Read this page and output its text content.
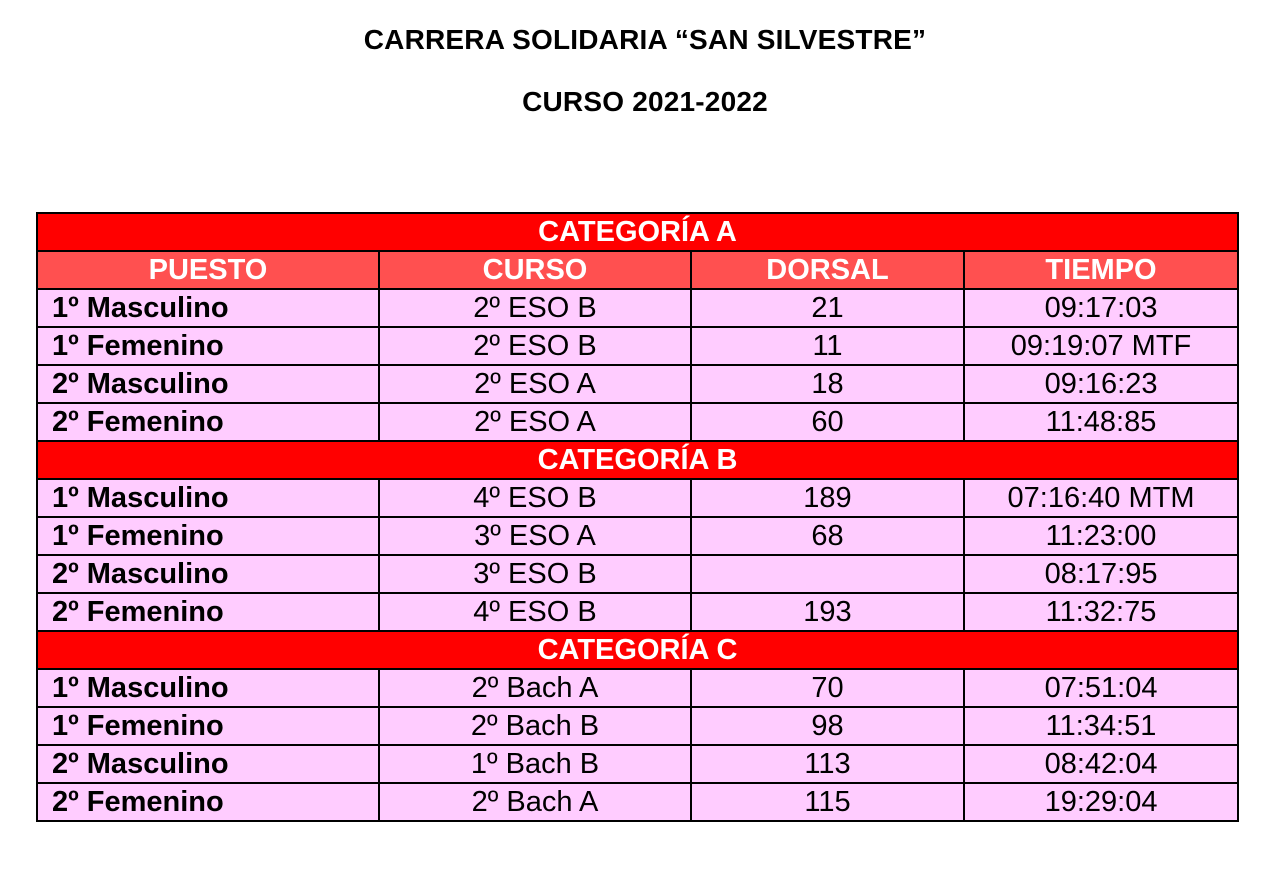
CARRERA SOLIDARIA “SAN SILVESTRE”
CURSO 2021-2022
CATEGORÍA A			
PUESTO	CURSO	DORSAL	TIEMPO
1º Masculino	2º ESO B	21	09:17:03
1º Femenino	2º ESO B	11	09:19:07 MTF
2º Masculino	2º ESO A	18	09:16:23
2º Femenino	2º ESO A	60	11:48:85
CATEGORÍA B			
1º Masculino	4º ESO B	189	07:16:40 MTM
1º Femenino	3º ESO A	68	11:23:00
2º Masculino	3º ESO B		08:17:95
2º Femenino	4º ESO B	193	11:32:75
CATEGORÍA C			
1º Masculino	2º Bach A	70	07:51:04
1º Femenino	2º Bach B	98	11:34:51
2º Masculino	1º Bach B	113	08:42:04
2º Femenino	2º Bach A	115	19:29:04
